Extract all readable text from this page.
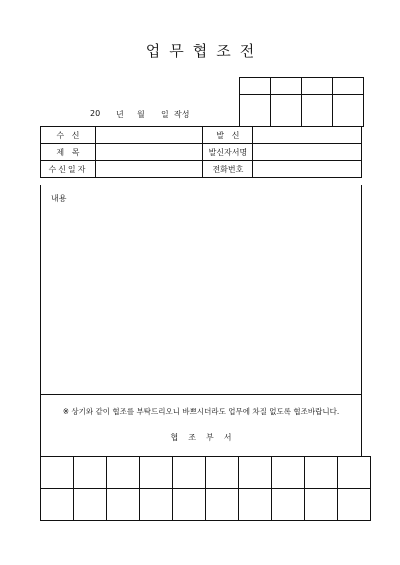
업무협조전

20 년 월 일 작성
수   신		발   신	
제   목		발신자서명	
수신일자		전화번호	
내용
※ 상기와 같이 협조를 부탁드리오니 바쁘시더라도 업무에 차질 없도록 협조바랍니다.
협조부서
